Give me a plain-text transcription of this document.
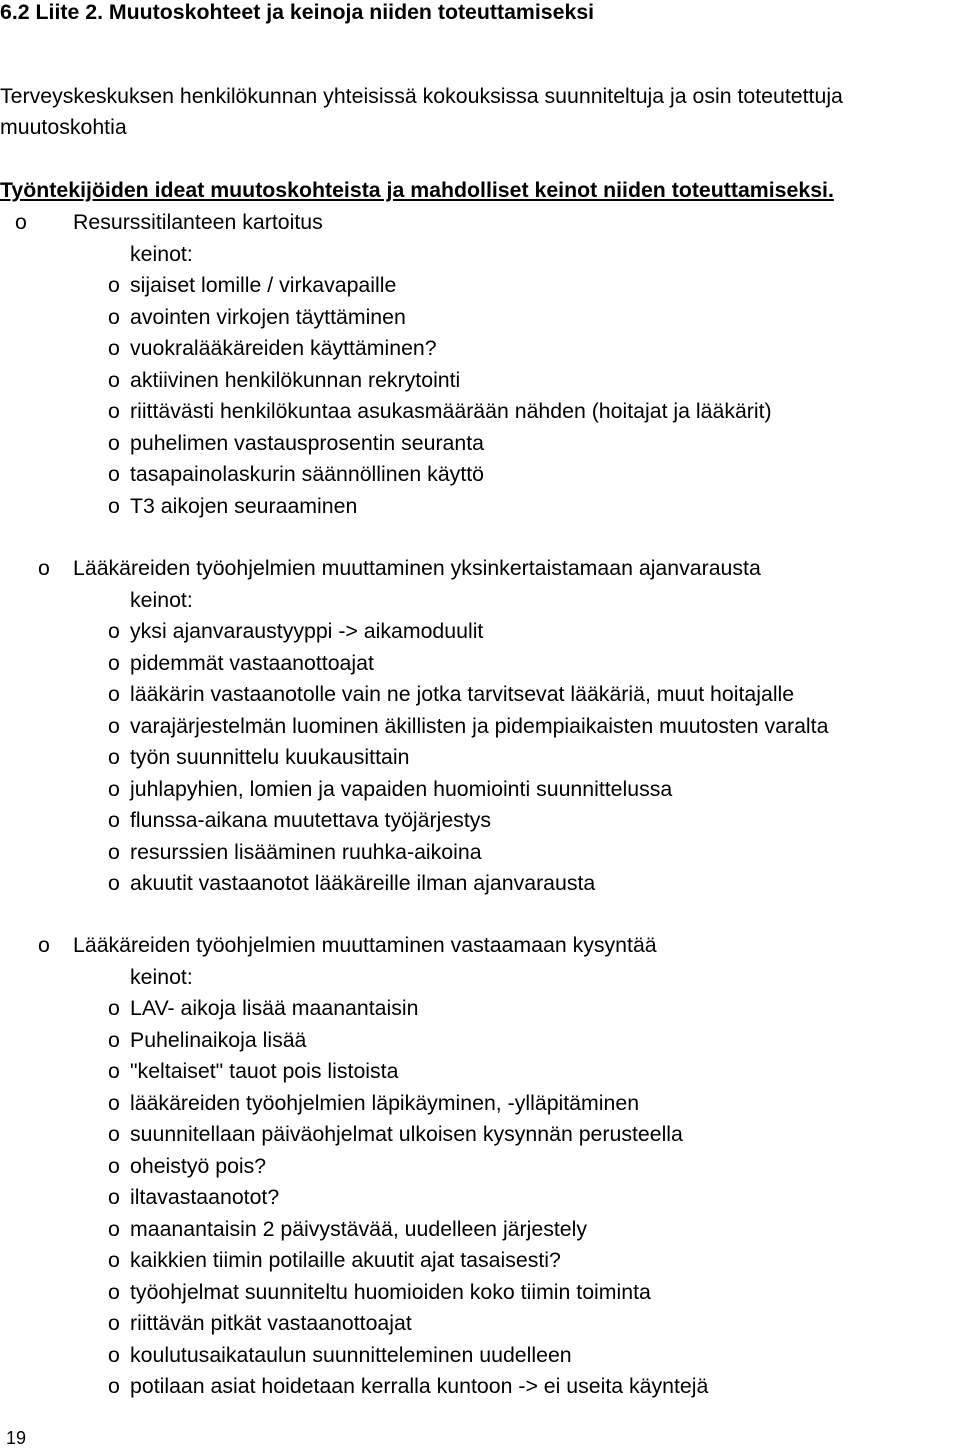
6.2 Liite 2. Muutoskohteet ja keinoja niiden toteuttamiseksi
Terveyskeskuksen henkilökunnan yhteisissä kokouksissa suunniteltuja ja osin toteutettuja
muutoskohtia
Työntekijöiden ideat muutoskohteista ja mahdolliset keinot niiden toteuttamiseksi.
o Resurssitilanteen kartoitus
keinot:
o sijaiset lomille / virkavapaille
o avointen virkojen täyttäminen
o vuokralääkäreiden käyttäminen?
o aktiivinen henkilökunnan rekrytointi
o riittävästi henkilökuntaa asukasmäärään nähden (hoitajat ja lääkärit)
o puhelimen vastausprosentin seuranta
o tasapainolaskurin säännöllinen käyttö
o T3 aikojen seuraaminen
o Lääkäreiden työohjelmien muuttaminen yksinkertaistamaan ajanvarausta
keinot:
o yksi ajanvaraustyyppi -> aikamoduulit
o pidemmät vastaanottoajat
o lääkärin vastaanotolle vain ne jotka tarvitsevat lääkäriä, muut hoitajalle
o varajärjestelmän luominen äkillisten ja pidempiaikaisten muutosten varalta
o työn suunnittelu kuukausittain
o juhlapyhien, lomien ja vapaiden huomiointi suunnittelussa
o flunssa-aikana muutettava työjärjestys
o resurssien lisääminen ruuhka-aikoina
o akuutit vastaanotot lääkäreille ilman ajanvarausta
o Lääkäreiden työohjelmien muuttaminen vastaamaan kysyntää
keinot:
o LAV- aikoja lisää maanantaisin
o Puhelinaikoja lisää
o "keltaiset" tauot pois listoista
o lääkäreiden työohjelmien läpikäyminen, -ylläpitäminen
o suunnitellaan päiväohjelmat ulkoisen kysynnän perusteella
o oheistyö pois?
o iltavastaanotot?
o maanantaisin 2 päivystävää, uudelleen järjestely
o kaikkien tiimin potilaille akuutit ajat tasaisesti?
o työohjelmat suunniteltu huomioiden koko tiimin toiminta
o riittävän pitkät vastaanottoajat
o koulutusaikataulun suunnitteleminen uudelleen
o potilaan asiat hoidetaan kerralla kuntoon -> ei useita käyntejä
19
